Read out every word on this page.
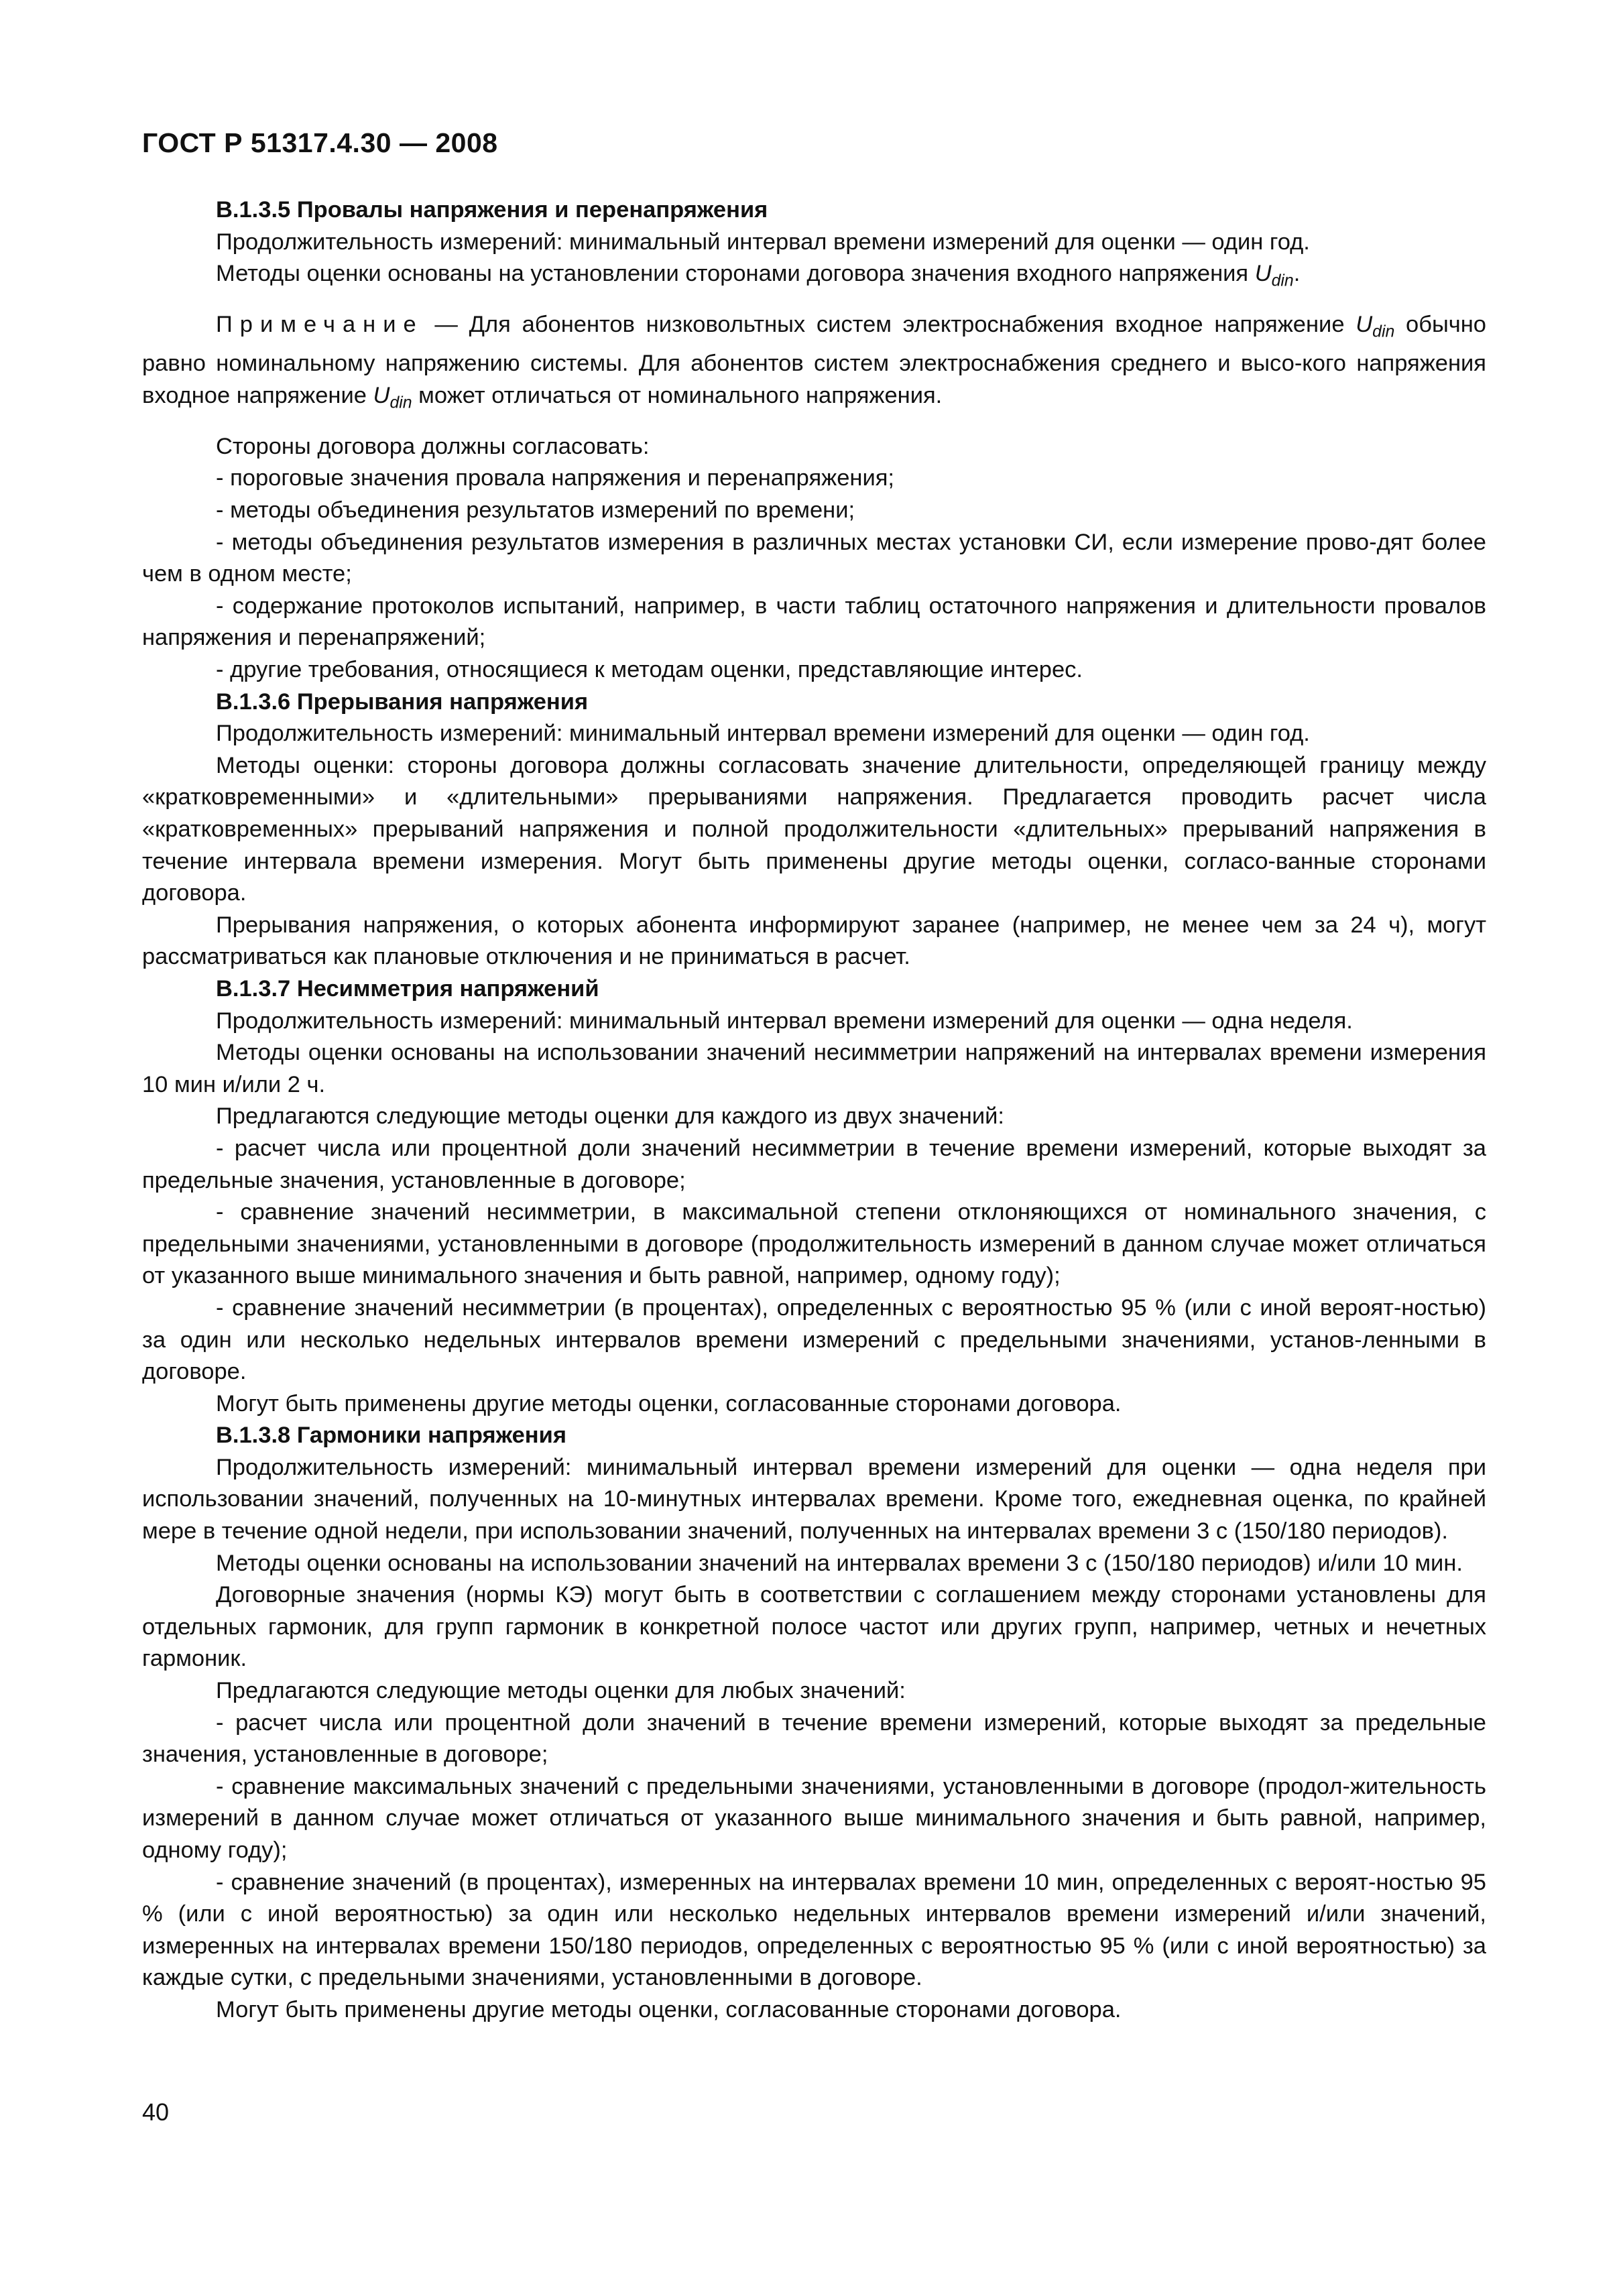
ГОСТ Р 51317.4.30 — 2008

B.1.3.5 Провалы напряжения и перенапряжения

Продолжительность измерений: минимальный интервал времени измерений для оценки — один год.

Методы оценки основаны на установлении сторонами договора значения входного напряжения $U_{din}$.

Примечание — Для абонентов низковольтных систем электроснабжения входное напряжение $U_{din}$ обычно равно номинальному напряжению системы. Для абонентов систем электроснабжения среднего и высо-кого напряжения входное напряжение $U_{din}$ может отличаться от номинального напряжения.

Стороны договора должны согласовать:

- пороговые значения провала напряжения и перенапряжения;

- методы объединения результатов измерений по времени;

- методы объединения результатов измерения в различных местах установки СИ, если измерение прово-дят более чем в одном месте;

- содержание протоколов испытаний, например, в части таблиц остаточного напряжения и длительности провалов напряжения и перенапряжений;

- другие требования, относящиеся к методам оценки, представляющие интерес.

B.1.3.6 Прерывания напряжения

Продолжительность измерений: минимальный интервал времени измерений для оценки — один год.

Методы оценки: стороны договора должны согласовать значение длительности, определяющей границу между «кратковременными» и «длительными» прерываниями напряжения. Предлагается проводить расчет числа «кратковременных» прерываний напряжения и полной продолжительности «длительных» прерываний напряжения в течение интервала времени измерения. Могут быть применены другие методы оценки, согласо-ванные сторонами договора.

Прерывания напряжения, о которых абонента информируют заранее (например, не менее чем за 24 ч), могут рассматриваться как плановые отключения и не приниматься в расчет.

B.1.3.7 Несимметрия напряжений

Продолжительность измерений: минимальный интервал времени измерений для оценки — одна неделя.

Методы оценки основаны на использовании значений несимметрии напряжений на интервалах времени измерения 10 мин и/или 2 ч.

Предлагаются следующие методы оценки для каждого из двух значений:

- расчет числа или процентной доли значений несимметрии в течение времени измерений, которые выходят за предельные значения, установленные в договоре;

- сравнение значений несимметрии, в максимальной степени отклоняющихся от номинального значения, с предельными значениями, установленными в договоре (продолжительность измерений в данном случае может отличаться от указанного выше минимального значения и быть равной, например, одному году);

- сравнение значений несимметрии (в процентах), определенных с вероятностью 95 % (или с иной вероят-ностью) за один или несколько недельных интервалов времени измерений с предельными значениями, установ-ленными в договоре.

Могут быть применены другие методы оценки, согласованные сторонами договора.

B.1.3.8 Гармоники напряжения

Продолжительность измерений: минимальный интервал времени измерений для оценки — одна неделя при использовании значений, полученных на 10-минутных интервалах времени. Кроме того, ежедневная оценка, по крайней мере в течение одной недели, при использовании значений, полученных на интервалах времени 3 с (150/180 периодов).

Методы оценки основаны на использовании значений на интервалах времени 3 с (150/180 периодов) и/или 10 мин.

Договорные значения (нормы КЭ) могут быть в соответствии с соглашением между сторонами установлены для отдельных гармоник, для групп гармоник в конкретной полосе частот или других групп, например, четных и нечетных гармоник.

Предлагаются следующие методы оценки для любых значений:

- расчет числа или процентной доли значений в течение времени измерений, которые выходят за предельные значения, установленные в договоре;

- сравнение максимальных значений с предельными значениями, установленными в договоре (продол-жительность измерений в данном случае может отличаться от указанного выше минимального значения и быть равной, например, одному году);

- сравнение значений (в процентах), измеренных на интервалах времени 10 мин, определенных с вероят-ностью 95 % (или с иной вероятностью) за один или несколько недельных интервалов времени измерений и/или значений, измеренных на интервалах времени 150/180 периодов, определенных с вероятностью 95 % (или с иной вероятностью) за каждые сутки, с предельными значениями, установленными в договоре.

Могут быть применены другие методы оценки, согласованные сторонами договора.

40
